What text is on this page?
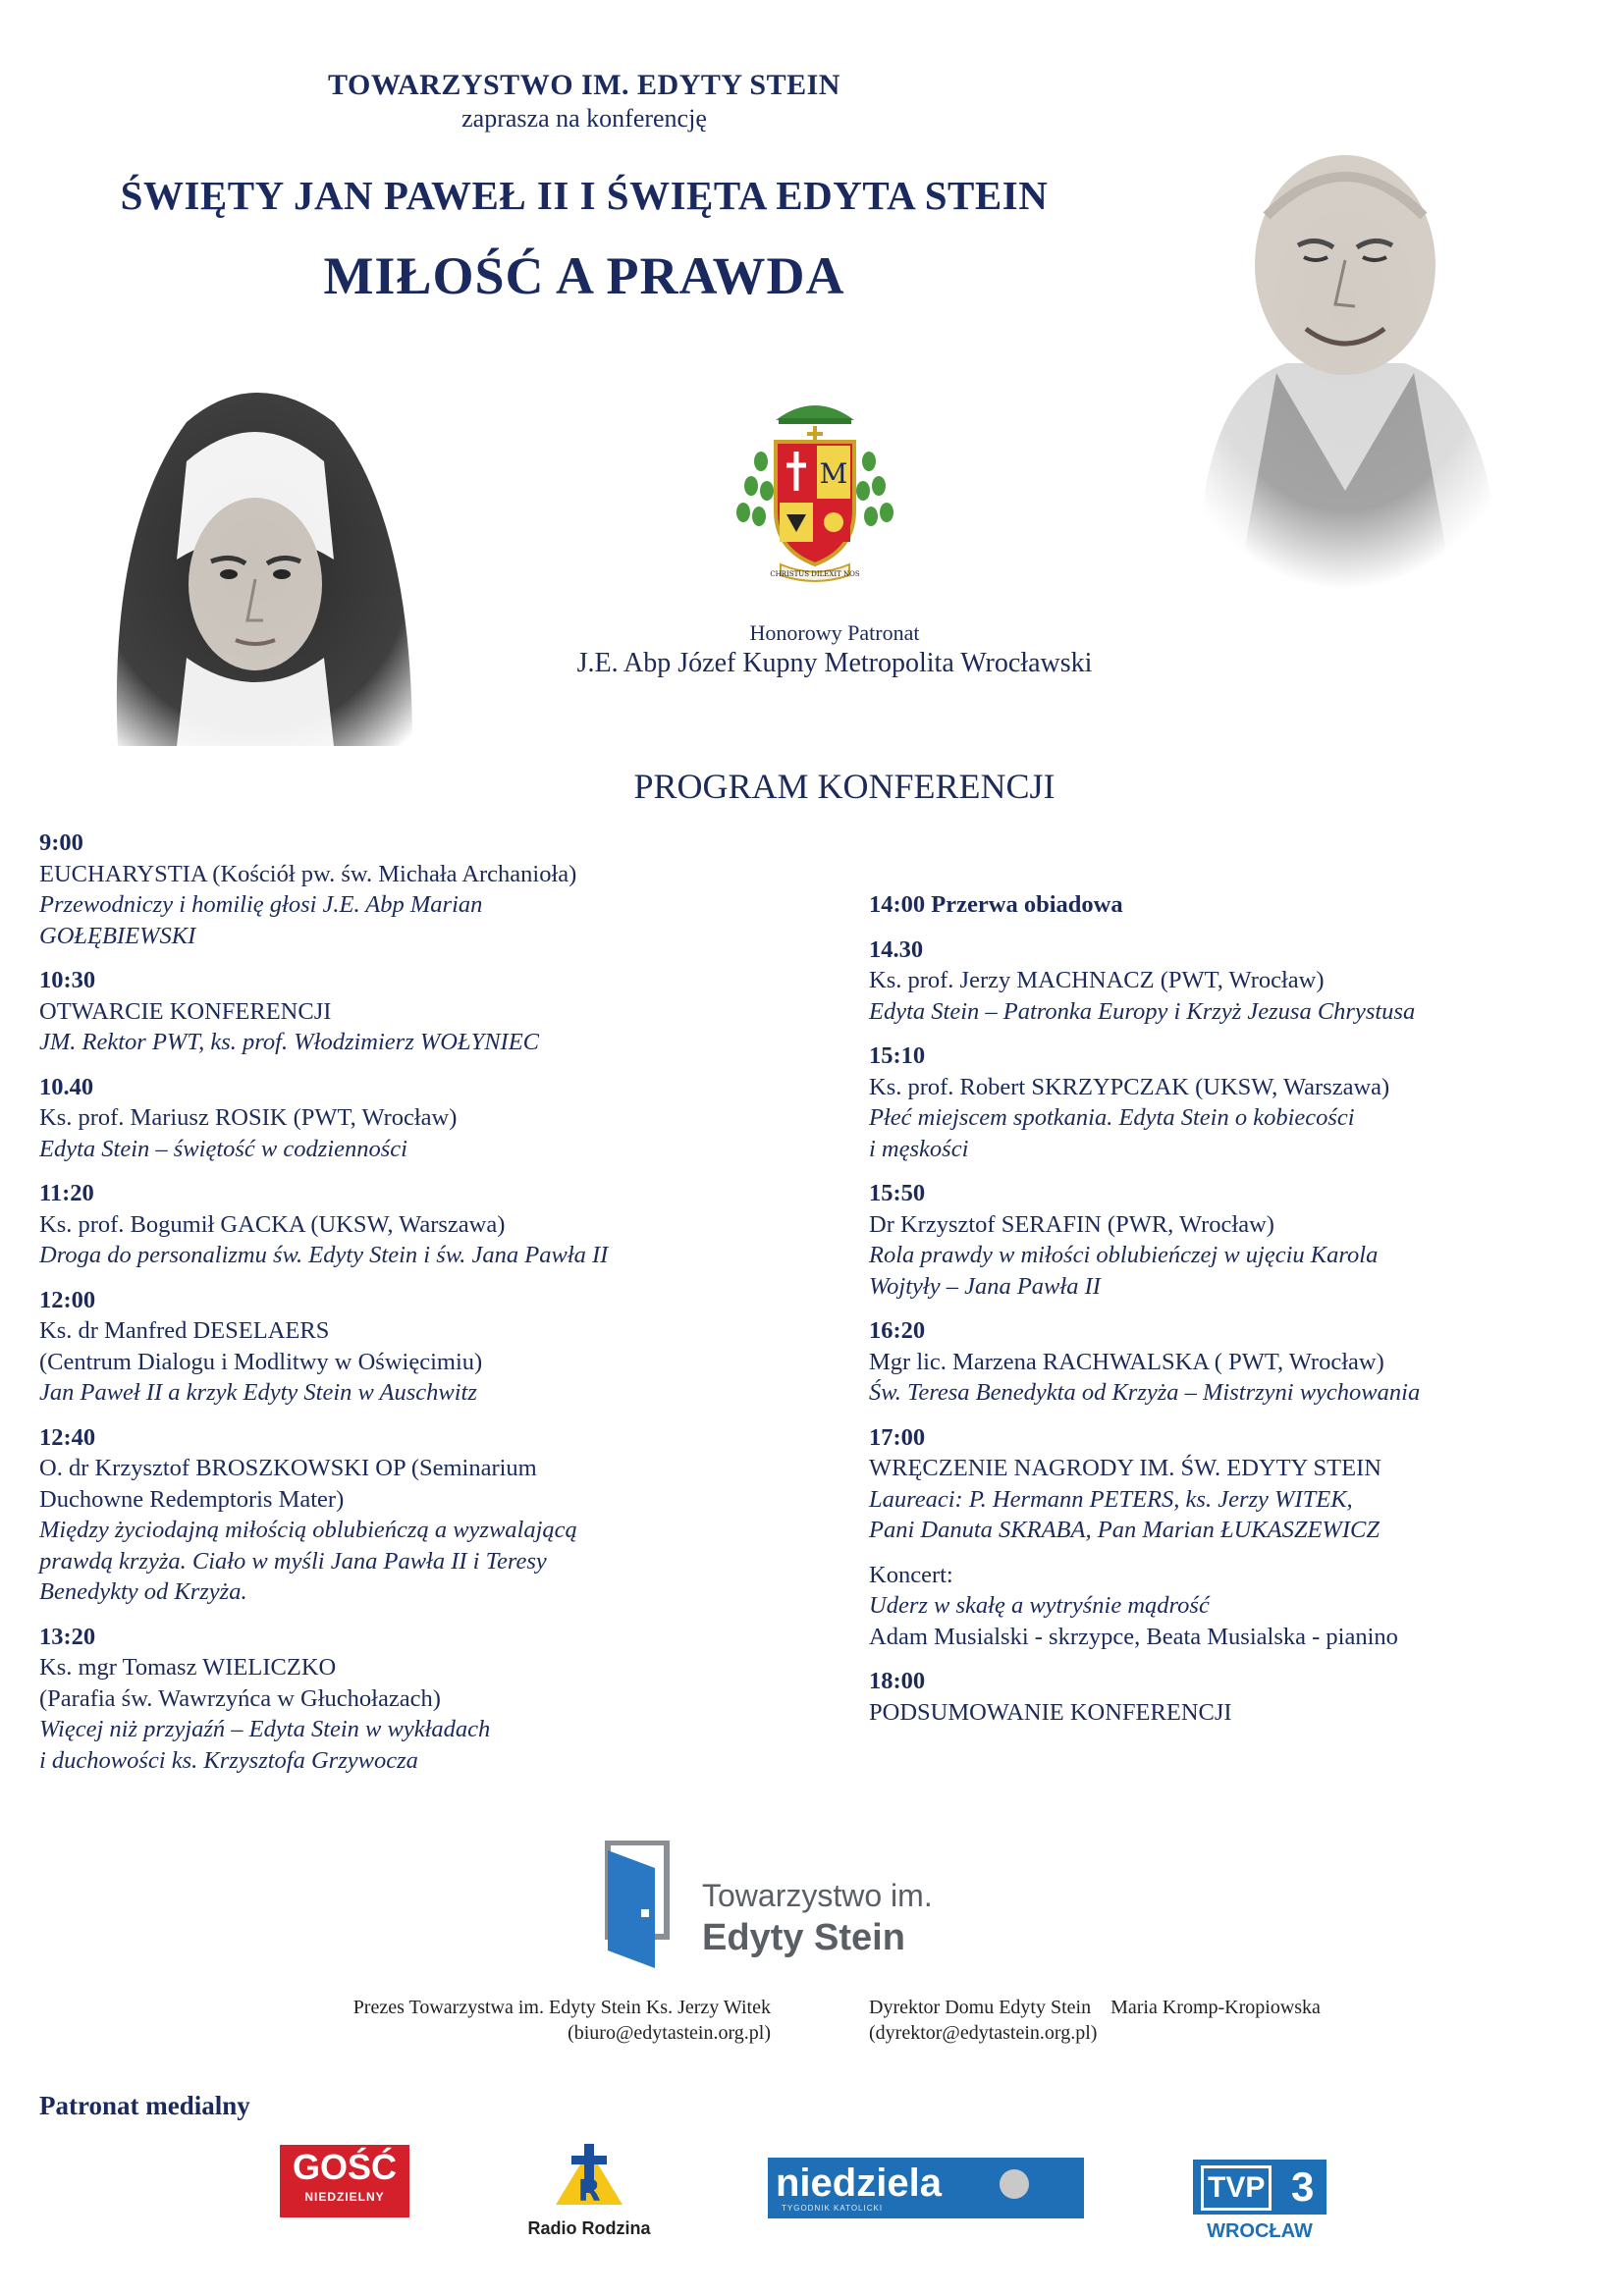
TOWARZYSTWO IM. EDYTY STEIN
zaprasza na konferencję
ŚWIĘTY JAN PAWEŁ II I ŚWIĘTA EDYTA STEIN
MIŁOŚĆ A PRAWDA
M
CHRISTUS DILEXIT NOS
Honorowy Patronat
J.E. Abp Józef Kupny Metropolita Wrocławski
PROGRAM KONFERENCJI
9:00
EUCHARYSTIA (Kościół pw. św. Michała Archanioła)
Przewodniczy i homilię głosi J.E. Abp Marian
GOŁĘBIEWSKI
10:30
OTWARCIE KONFERENCJI
JM. Rektor PWT, ks. prof. Włodzimierz WOŁYNIEC
10.40
Ks. prof. Mariusz ROSIK (PWT, Wrocław)
Edyta Stein – świętość w codzienności
11:20
Ks. prof. Bogumił GACKA (UKSW, Warszawa)
Droga do personalizmu św. Edyty Stein i św. Jana Pawła II
12:00
Ks. dr Manfred DESELAERS
(Centrum Dialogu i Modlitwy w Oświęcimiu)
Jan Paweł II a krzyk Edyty Stein w Auschwitz
12:40
O. dr Krzysztof BROSZKOWSKI OP (Seminarium
Duchowne Redemptoris Mater)
Między życiodajną miłością oblubieńczą a wyzwalającą
prawdą krzyża. Ciało w myśli Jana Pawła II i Teresy
Benedykty od Krzyża.
13:20
Ks. mgr Tomasz WIELICZKO
(Parafia św. Wawrzyńca w Głuchołazach)
Więcej niż przyjaźń – Edyta Stein w wykładach
i duchowości ks. Krzysztofa Grzywocza
14:00 Przerwa obiadowa
14.30
Ks. prof. Jerzy MACHNACZ (PWT, Wrocław)
Edyta Stein – Patronka Europy i Krzyż Jezusa Chrystusa
15:10
Ks. prof. Robert SKRZYPCZAK (UKSW, Warszawa)
Płeć miejscem spotkania. Edyta Stein o kobiecości
i męskości
15:50
Dr Krzysztof SERAFIN (PWR, Wrocław)
Rola prawdy w miłości oblubieńczej w ujęciu Karola
Wojtyły – Jana Pawła II
16:20
Mgr lic. Marzena RACHWALSKA ( PWT, Wrocław)
Św. Teresa Benedykta od Krzyża – Mistrzyni wychowania
17:00
WRĘCZENIE NAGRODY IM. ŚW. EDYTY STEIN
Laureaci: P. Hermann PETERS, ks. Jerzy WITEK,
Pani Danuta SKRABA, Pan Marian ŁUKASZEWICZ
Koncert:
Uderz w skałę a wytryśnie mądrość
Adam Musialski - skrzypce, Beata Musialska - pianino
18:00
PODSUMOWANIE KONFERENCJI
Towarzystwo im.
Edyty Stein
Prezes Towarzystwa im. Edyty Stein Ks. Jerzy Witek
(biuro@edytastein.org.pl)
Dyrektor Domu Edyty Stein    Maria Kromp-Kropiowska
(dyrektor@edytastein.org.pl)
Patronat medialny
GOŚĆ
NIEDZIELNY	R
Radio Rodzina
niedziela
TYGODNIK KATOLICKI
TVP 3
WROCŁAW
